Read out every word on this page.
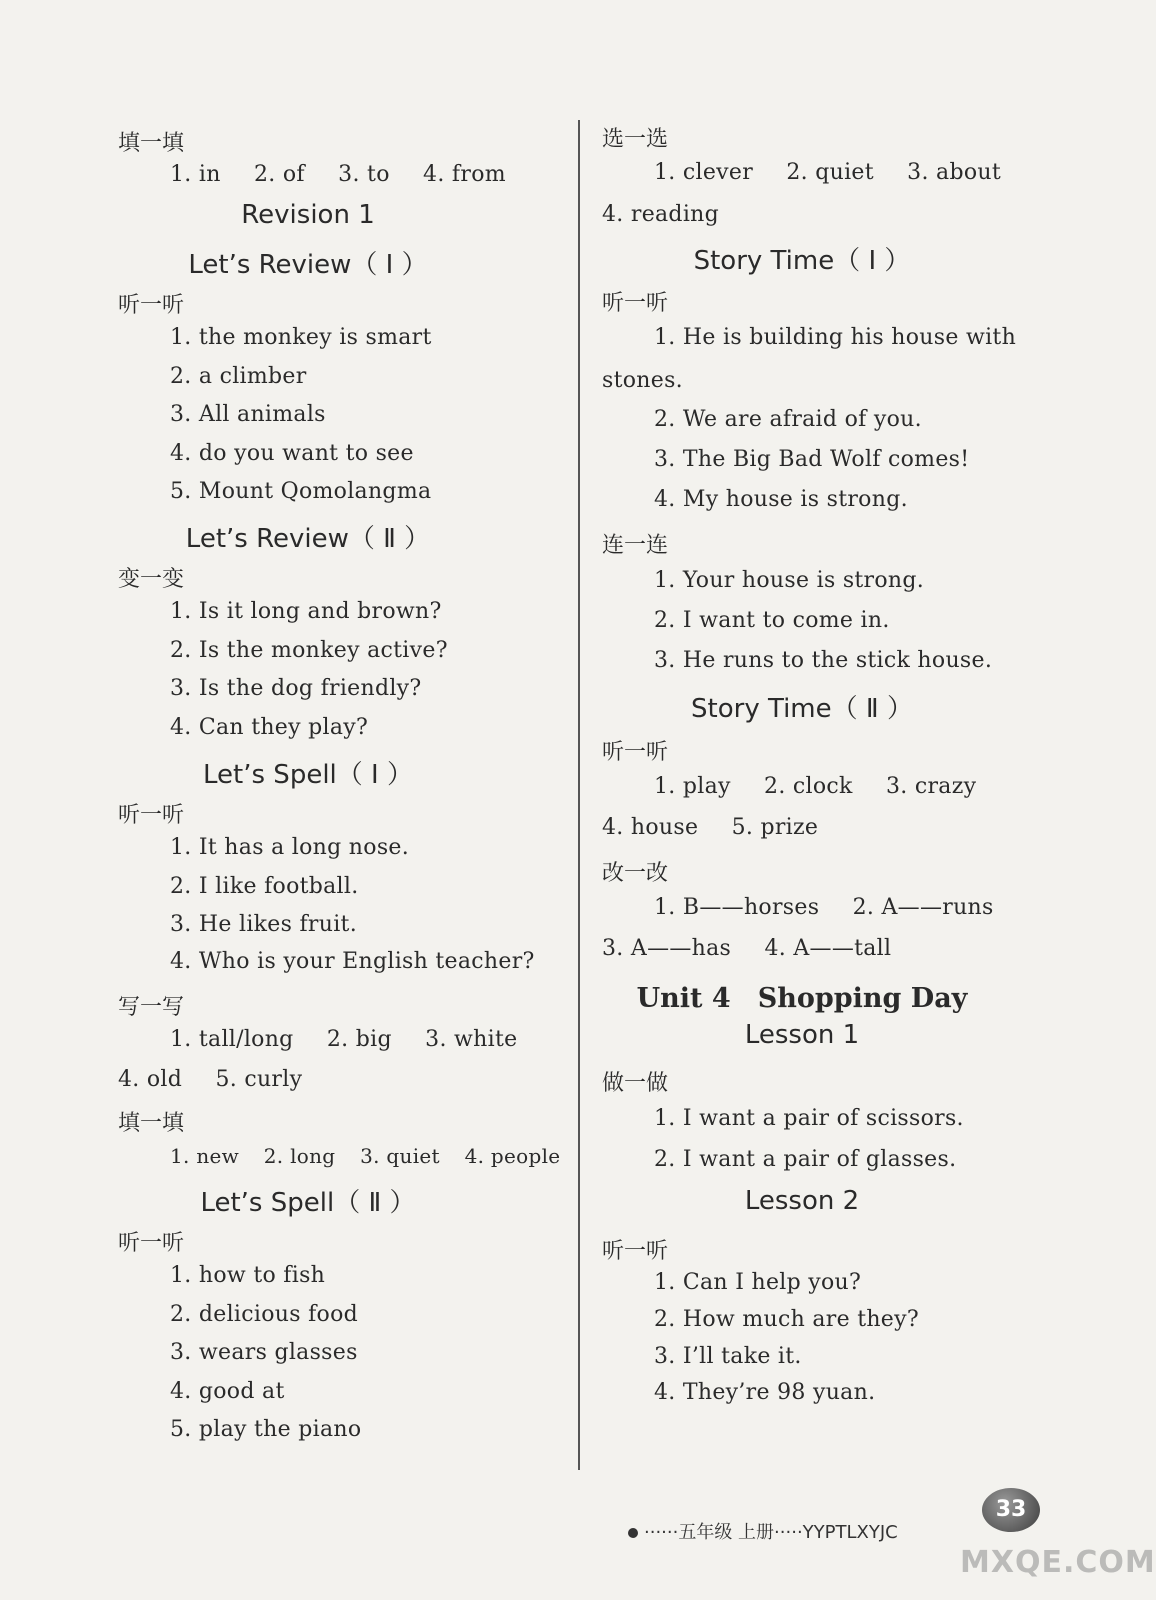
填一填
1. in 2. of 3. to 4. from
Revision 1
Let’s Review（ Ⅰ ）
听一听
1. the monkey is smart
2. a climber
3. All animals
4. do you want to see
5. Mount Qomolangma
Let’s Review（ Ⅱ ）
变一变
1. Is it long and brown?
2. Is the monkey active?
3. Is the dog friendly?
4. Can they play?
Let’s Spell（ Ⅰ ）
听一听
1. It has a long nose.
2. I like football.
3. He likes fruit.
4. Who is your English teacher?
写一写
1. tall/long 2. big 3. white
4. old 5. curly
填一填
1. new 2. long 3. quiet 4. people
Let’s Spell（ Ⅱ ）
听一听
1. how to fish
2. delicious food
3. wears glasses
4. good at
5. play the piano
选一选
1. clever 2. quiet 3. about
4. reading
Story Time（ Ⅰ ）
听一听
1. He is building his house with
stones.
2. We are afraid of you.
3. The Big Bad Wolf comes!
4. My house is strong.
连一连
1. Your house is strong.
2. I want to come in.
3. He runs to the stick house.
Story Time（ Ⅱ ）
听一听
1. play 2. clock 3. crazy
4. house 5. prize
改一改
1. B——horses 2. A——runs
3. A——has 4. A——tall
Unit 4　Shopping Day
Lesson 1
做一做
1. I want a pair of scissors.
2. I want a pair of glasses.
Lesson 2
听一听
1. Can I help you?
2. How much are they?
3. I’ll take it.
4. They’re 98 yuan.
······五年级 上册·····YYPTLXYJC
33
MXQE.COM
